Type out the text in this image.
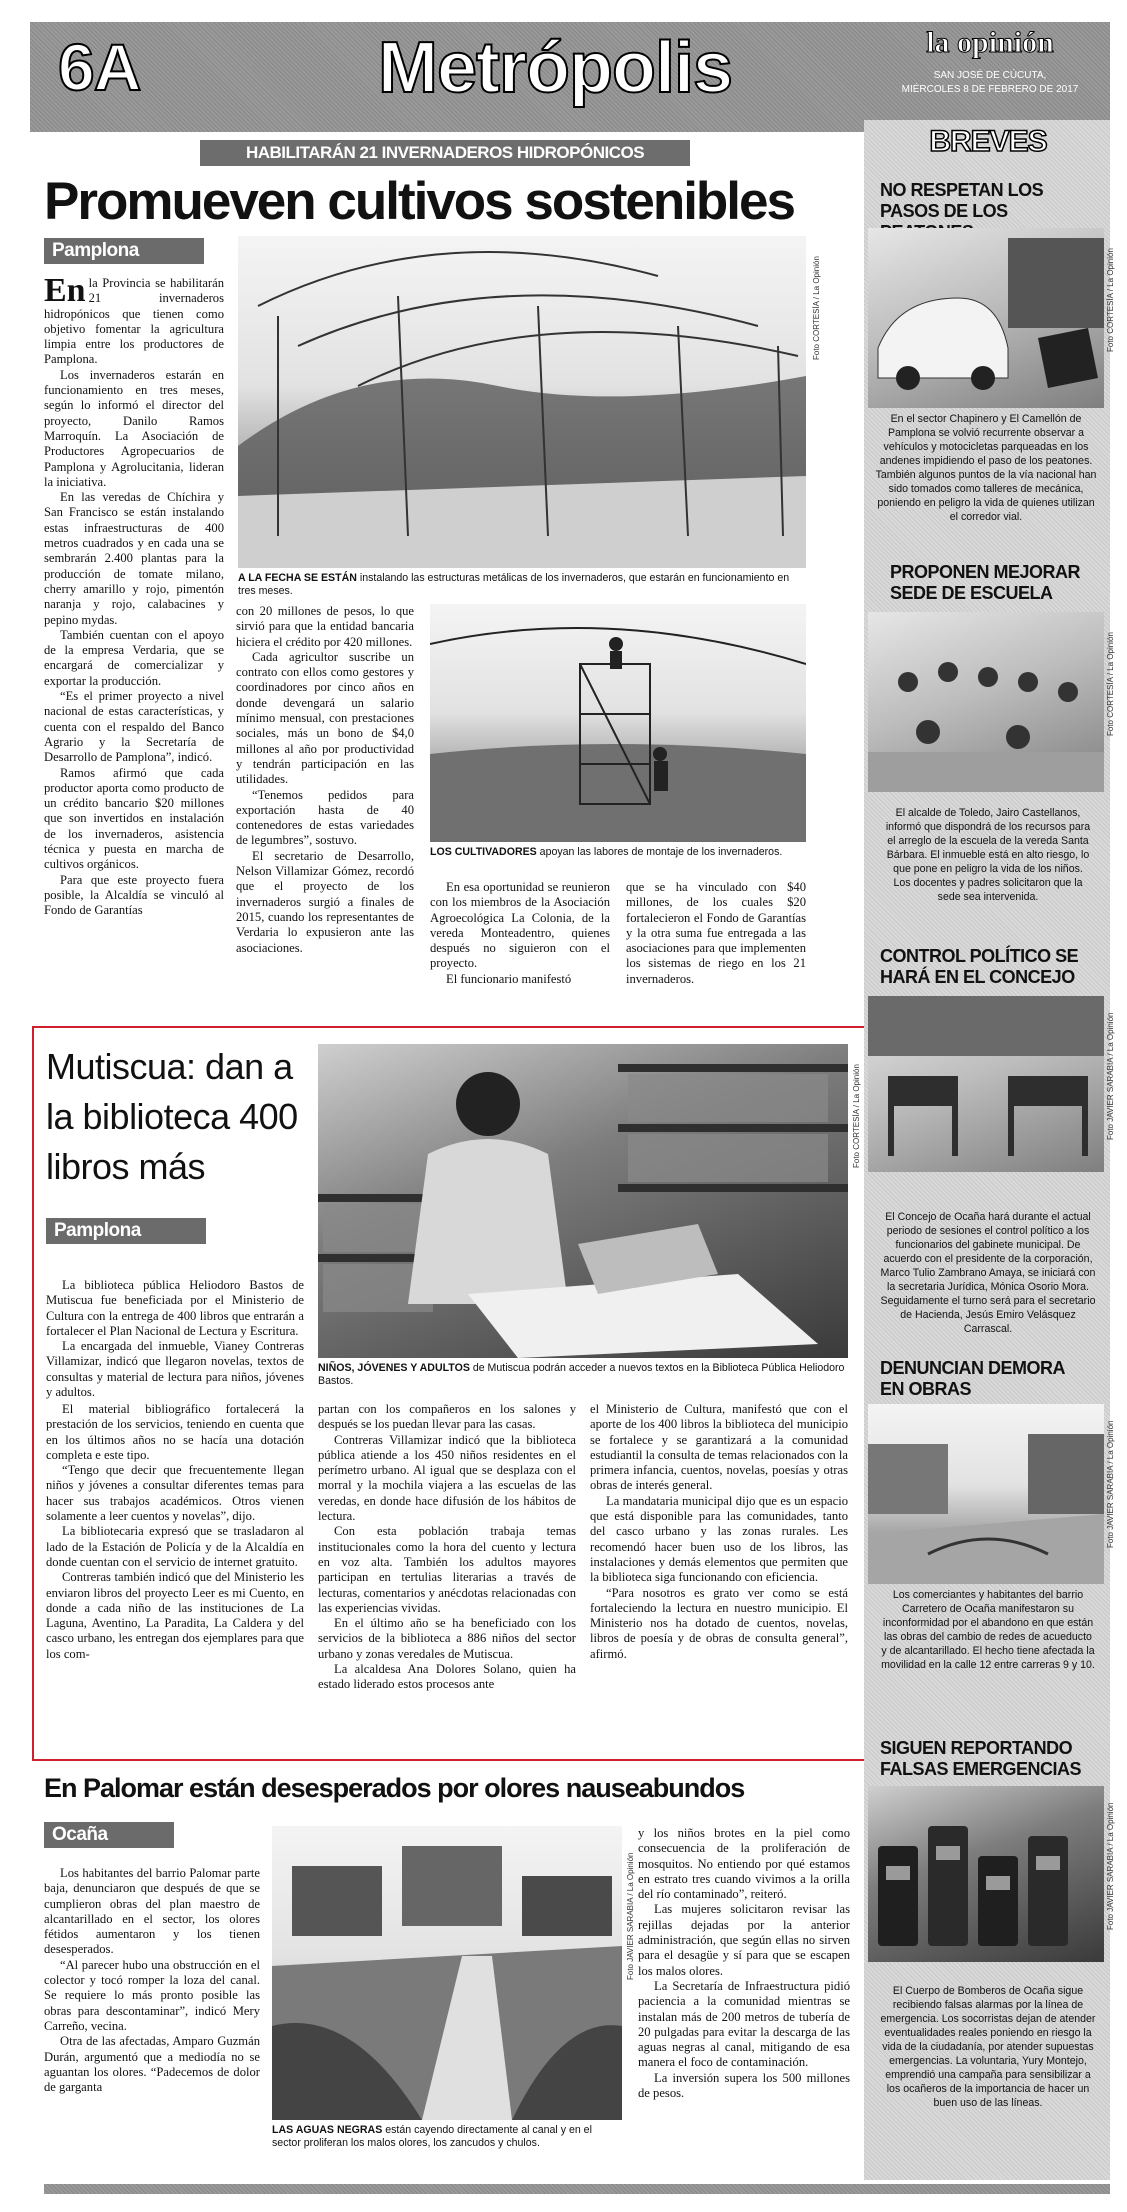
6A	Metrópolis	la opinión
SAN JOSÉ DE CÚCUTA,
MIÉRCOLES 8 DE FEBRERO DE 2017
HABILITARÁN 21 INVERNADEROS HIDROPÓNICOS
Promueven cultivos sostenibles
Pamplona

En la Provincia se habilitarán 21 invernaderos hidropónicos que tienen como objetivo fomentar la agricultura limpia entre los productores de Pamplona.

Los invernaderos estarán en funcionamiento en tres meses, según lo informó el director del proyecto, Danilo Ramos Marroquín. La Asociación de Productores Agropecuarios de Pamplona y Agrolucitania, lideran la iniciativa.

En las veredas de Chíchira y San Francisco se están instalando estas infraestructuras de 400 metros cuadrados y en cada una se sembrarán 2.400 plantas para la producción de tomate milano, cherry amarillo y rojo, pimentón naranja y rojo, calabacines y pepino mydas.

También cuentan con el apoyo de la empresa Verdaria, que se encargará de comercializar y exportar la producción.

“Es el primer proyecto a nivel nacional de estas características, y cuenta con el respaldo del Banco Agrario y la Secretaría de Desarrollo de Pamplona”, indicó.

Ramos afirmó que cada productor aporta como producto de un crédito bancario $20 millones que son invertidos en instalación de los invernaderos, asistencia técnica y puesta en marcha de cultivos orgánicos.

Para que este proyecto fuera posible, la Alcaldía se vinculó al Fondo de Garantías

Foto CORTESÍA / La Opinión
A LA FECHA SE ESTÁN instalando las estructuras metálicas de los invernaderos, que estarán en funcionamiento en tres meses.

con 20 millones de pesos, lo que sirvió para que la entidad bancaria hiciera el crédito por 420 millones.

Cada agricultor suscribe un contrato con ellos como gestores y coordinadores por cinco años en donde devengará un salario mínimo mensual, con prestaciones sociales, más un bono de $4,0 millones al año por productividad y tendrán participación en las utilidades.

“Tenemos pedidos para exportación hasta de 40 contenedores de estas variedades de legumbres”, sostuvo.

El secretario de Desarrollo, Nelson Villamizar Gómez, recordó que el proyecto de los invernaderos surgió a finales de 2015, cuando los representantes de Verdaria lo expusieron ante las asociaciones.

LOS CULTIVADORES apoyan las labores de montaje de los invernaderos.

En esa oportunidad se reunieron con los miembros de la Asociación Agroecológica La Colonia, de la vereda Monteadentro, quienes después no siguieron con el proyecto.

El funcionario manifestó

que se ha vinculado con $40 millones, de los cuales $20 fortalecieron el Fondo de Garantías y la otra suma fue entregada a las asociaciones para que implementen los sistemas de riego en los 21 invernaderos.

Mutiscua: dan a la biblioteca 400 libros más
Pamplona
Foto CORTESÍA / La Opinión
NIÑOS, JÓVENES Y ADULTOS de Mutiscua podrán acceder a nuevos textos en la Biblioteca Pública Heliodoro Bastos.

La biblioteca pública Heliodoro Bastos de Mutiscua fue beneficiada por el Ministerio de Cultura con la entrega de 400 libros que entrarán a fortalecer el Plan Nacional de Lectura y Escritura.

La encargada del inmueble, Vianey Contreras Villamizar, indicó que llegaron novelas, textos de consultas y material de lectura para niños, jóvenes y adultos.

El material bibliográfico fortalecerá la prestación de los servicios, teniendo en cuenta que en los últimos años no se hacía una dotación completa e este tipo.

“Tengo que decir que frecuentemente llegan niños y jóvenes a consultar diferentes temas para hacer sus trabajos académicos. Otros vienen solamente a leer cuentos y novelas”, dijo.

La bibliotecaria expresó que se trasladaron al lado de la Estación de Policía y de la Alcaldía en donde cuentan con el servicio de internet gratuito.

Contreras también indicó que del Ministerio les enviaron libros del proyecto Leer es mi Cuento, en donde a cada niño de las instituciones de La Laguna, Aventino, La Paradita, La Caldera y del casco urbano, les entregan dos ejemplares para que los com-

partan con los compañeros en los salones y después se los puedan llevar para las casas.

Contreras Villamizar indicó que la biblioteca pública atiende a los 450 niños residentes en el perímetro urbano. Al igual que se desplaza con el morral y la mochila viajera a las escuelas de las veredas, en donde hace difusión de los hábitos de lectura.

Con esta población trabaja temas institucionales como la hora del cuento y lectura en voz alta. También los adultos mayores participan en tertulias literarias a través de lecturas, comentarios y anécdotas relacionadas con las experiencias vividas.

En el último año se ha beneficiado con los servicios de la biblioteca a 886 niños del sector urbano y zonas veredales de Mutiscua.

La alcaldesa Ana Dolores Solano, quien ha estado liderado estos procesos ante

el Ministerio de Cultura, manifestó que con el aporte de los 400 libros la biblioteca del municipio se fortalece y se garantizará a la comunidad estudiantil la consulta de temas relacionados con la primera infancia, cuentos, novelas, poesías y otras obras de interés general.

La mandataria municipal dijo que es un espacio que está disponible para las comunidades, tanto del casco urbano y las zonas rurales. Les recomendó hacer buen uso de los libros, las instalaciones y demás elementos que permiten que la biblioteca siga funcionando con eficiencia.

“Para nosotros es grato ver como se está fortaleciendo la lectura en nuestro municipio. El Ministerio nos ha dotado de cuentos, novelas, libros de poesía y de obras de consulta general”, afirmó.

En Palomar están desesperados por olores nauseabundos
Ocaña

Los habitantes del barrio Palomar parte baja, denunciaron que después de que se cumplieron obras del plan maestro de alcantarillado en el sector, los olores fétidos aumentaron y los tienen desesperados.

“Al parecer hubo una obstrucción en el colector y tocó romper la loza del canal. Se requiere lo más pronto posible las obras para descontaminar”, indicó Mery Carreño, vecina.

Otra de las afectadas, Amparo Guzmán Durán, argumentó que a mediodía no se aguantan los olores. “Padecemos de dolor de garganta

Foto JAVIER SARABIA / La Opinión
LAS AGUAS NEGRAS están cayendo directamente al canal y en el sector proliferan los malos olores, los zancudos y chulos.

y los niños brotes en la piel como consecuencia de la proliferación de mosquitos. No entiendo por qué estamos en estrato tres cuando vivimos a la orilla del río contaminado”, reiteró.

Las mujeres solicitaron revisar las rejillas dejadas por la anterior administración, que según ellas no sirven para el desagüe y sí para que se escapen los malos olores.

La Secretaría de Infraestructura pidió paciencia a la comunidad mientras se instalan más de 200 metros de tubería de 20 pulgadas para evitar la descarga de las aguas negras al canal, mitigando de esa manera el foco de contaminación.

La inversión supera los 500 millones de pesos.

BREVES
NO RESPETAN LOS PASOS DE LOS
Foto CORTESÍA / La Opinión
En el sector Chapinero y El Camellón de Pamplona se volvió recurrente observar a vehículos y motocicletas parqueadas en los andenes impidiendo el paso de los peatones. También algunos puntos de la vía nacional han sido tomados como talleres de mecánica, poniendo en peligro la vida de quienes utilizan el corredor vial.
PROPONEN MEJORAR SEDE DE ESCUELA
Foto CORTESÍA / La Opinión
El alcalde de Toledo, Jairo Castellanos, informó que dispondrá de los recursos para el arreglo de la escuela de la vereda Santa Bárbara. El inmueble está en alto riesgo, lo que pone en peligro la vida de los niños. Los docentes y padres solicitaron que la sede sea intervenida.
CONTROL POLÍTICO SE HARÁ EN EL CONCEJO
Foto JAVIER SARABIA / La Opinión
El Concejo de Ocaña hará durante el actual periodo de sesiones el control político a los funcionarios del gabinete municipal. De acuerdo con el presidente de la corporación, Marco Tulio Zambrano Amaya, se iniciará con la secretaria Jurídica, Mónica Osorio Mora. Seguidamente el turno será para el secretario de Hacienda, Jesús Emiro Velásquez Carrascal.
DENUNCIAN DEMORA EN OBRAS
Foto JAVIER SARABIA / La Opinión
Los comerciantes y habitantes del barrio Carretero de Ocaña manifestaron su inconformidad por el abandono en que están las obras del cambio de redes de acueducto y de alcantarillado. El hecho tiene afectada la movilidad en la calle 12 entre carreras 9 y 10.
SIGUEN REPORTANDO FALSAS EMERGENCIAS
Foto JAVIER SARABIA / La Opinión
El Cuerpo de Bomberos de Ocaña sigue recibiendo falsas alarmas por la línea de emergencia. Los socorristas dejan de atender eventualidades reales poniendo en riesgo la vida de la ciudadanía, por atender supuestas emergencias. La voluntaria, Yury Montejo, emprendió una campaña para sensibilizar a los ocañeros de la importancia de hacer un buen uso de las líneas.
